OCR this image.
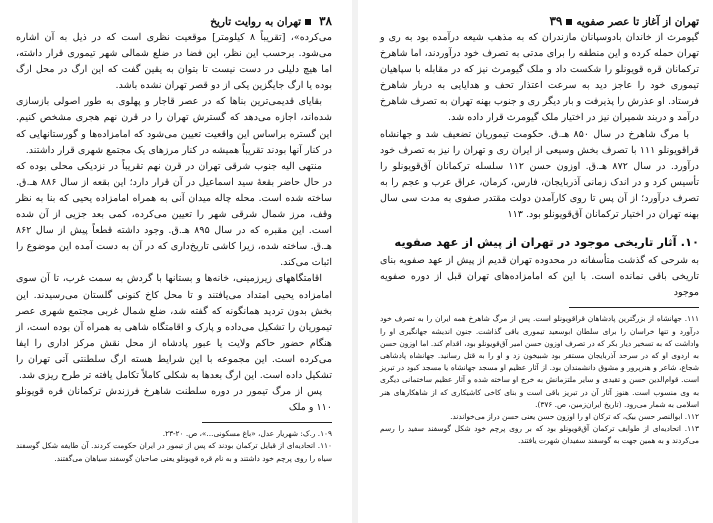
۳۸تهران به روایت تاریخ

می‌کرده»، [تقریباً ۸ کیلومتر] موقعیت نظری است که در ذیل به آن اشاره می‌شود. برحسب این نظر، این فضا در ضلع شمالی شهر تیموری قرار داشته، اما هیچ دلیلی در دست نیست تا بتوان به یقین گفت که این ارگ در محل ارگ بوده یا ارگ جایگزین یکی از دو قصر تهران نشده باشد.

بقایای قدیمی‌ترین بناها که در عصر قاجار و پهلوی به طور اصولی بازسازی شده‌اند، اجازه می‌دهد که گسترش تهران را در قرن نهم هجری مشخص کنیم. این گستره براساس این واقعیت تعیین می‌شود که امامزاده‌ها و گورستانهایی که در کنار آنها بودند تقریباً همیشه در کنار مرزهای یک مجتمع شهری قرار داشتند.

منتهی الیه جنوب شرقی تهران در قرن نهم تقریباً در نزدیکی محلی بوده که در حال حاضر بقعهٔ سید اسماعیل در آن قرار دارد؛ این بقعه از سال ۸۸۶ هـ.ق. ساخته شده است. محله چاله میدان آنی به همراه امامزاده یحیی که بنا به نظر وقف، مرز شمال شرقی شهر را تعیین می‌کرده، کمی بعد جزیی از آن شده است. این مقبره که در سال ۸۹۵ هـ.ق. وجود داشته قطعاً پیش از سال ۸۶۲ هـ.ق. ساخته شده، زیرا کاشی تاریخ‌داری که در آن به دست آمده این موضوع را اثبات می‌کند.

اقامتگاههای زیرزمینی، خانه‌ها و بستانها با گردش به سمت غرب، تا آن سوی امامزاده یحیی امتداد می‌یافتند و تا محل کاخ کنونی گلستان می‌رسیدند. این بخش بدون تردید همانگونه که گفته شد، ضلع شمال غربی مجتمع شهری عصر تیموریان را تشکیل می‌داده و پارک و اقامتگاه شاهی به همراه آن بوده است، از هنگام حضور حاکم ولایت یا عبور پادشاه از محل نقش مرکز اداری را ایفا می‌کرده است. این مجموعه با این شرایط هسته ارگ سلطنتی آتی تهران را تشکیل داده است. این ارگ بعدها به شکلی کاملاً تکامل یافته تر طرح ریزی شد.

پس از مرگ تیمور در دوره سلطنت شاهرخ فرزندش ترکمانان قره قویونلو ۱۱۰ و ملک

۱۰۹. ر.ک: شهریار عدل، «باغ مسکونی...»، ص. ۲۰-۲۳.

۱۱۰. اتحادیه‌ای از قبایل ترکمان بودند که پس از تیمور در ایران حکومت کردند. آن طایفه شکل گوسفند سیاه را روی پرچم خود داشتند و به نام قره قویونلو یعنی صاحبان گوسفند سیاهان می‌گفتند.

تهران از آغاز تا عصر صفویه۳۹

گیومرث از خاندان بادوسپانان مازندران که به مذهب شیعه درآمده بود به ری و تهران حمله کرده و این منطقه را برای مدتی به تصرف خود درآوردند، اما شاهرخ ترکمانان قره قویونلو را شکست داد و ملک گیومرث نیز که در مقابله با سپاهیان تیموری خود را عاجز دید به سرعت اعتذار تحف و هدایایی به دربار شاهرخ فرستاد. او عذرش را پذیرفت و بار دیگر ری و جنوب بهنه تهران به تصرف شاهرخ درآمد و دربند شمیران نیز در اختیار ملک گیومرث قرار داده شد.

با مرگ شاهرخ در سال ۸۵۰ هـ.ق. حکومت تیموریان تضعیف شد و جهانشاه قراقویونلو ۱۱۱ با تصرف بخش وسیعی از ایران ری و تهران را نیز به تصرف خود درآورد. در سال ۸۷۲ هـ.ق. اوزون حسن ۱۱۲ سلسله ترکمانان آق‌قویونلو را تأسیس کرد و در اندک زمانی آذربایجان، فارس، کرمان، عراق عرب و عجم را به تصرف درآورد؛ از آن پس تا روی کارآمدن دولت مقتدر صفوی به مدت سی سال بهنه تهران در اختیار ترکمانان آق‌قویونلو بود. ۱۱۳

۱۰. آثار تاریخی موجود در تهران از پیش از عهد صفویه

به شرحی که گذشت متأسفانه در محدوده تهران قدیم از پیش از عهد صفویه بنای تاریخی باقی نمانده است. با این که امامزاده‌های تهران قبل از دوره صفویه موجود

۱۱۱. جهانشاه از بزرگترین پادشاهان قراقویونلو است. پس از مرگ شاهرخ همه ایران را به تصرف خود درآورد و تنها خراسان را برای سلطان ابوسعید تیموری باقی گذاشت. جنون اندیشه جهانگیری او را واداشت که به تسخیر دیار بکر که در تصرف اوزون حسن امیر آق‌قویونلو بود، اقدام کند. اما اوزون حسن به اردوی او که در سرحد آذربایجان مستقر بود شبیخون زد و او را به قتل رسانید. جهانشاه پادشاهی شجاع، شاعر و هنرپرور و مشوق دانشمندان بود. از آثار عظیم او مسجد جهانشاه یا مسجد کبود در تبریز است. قوام‌الدین حسن و تقیدی و سایر ملتزمانش به خرج او ساخته شده و آثار عظیم ساختمانی دیگری به وی منسوب است. هنوز آثار آن در تبریز باقی است و بنای کاخی کاشیکاری که از شاهکارهای هنر اسلامی به شمار می‌رود. (تاریخ ایران‌زمین، ص. ۳۷۶).

۱۱۲. ابوالنصر حسن بیک، که ترکان او را اوزون حسن یعنی حسن دراز می‌خواندند.

۱۱۳. اتحادیه‌ای از طوایف ترکمان آق‌قویونلو بود که بر روی پرچم خود شکل گوسفند سفید را رسم می‌کردند و به همین جهت به گوسفند سفیدان شهرت یافتند.
